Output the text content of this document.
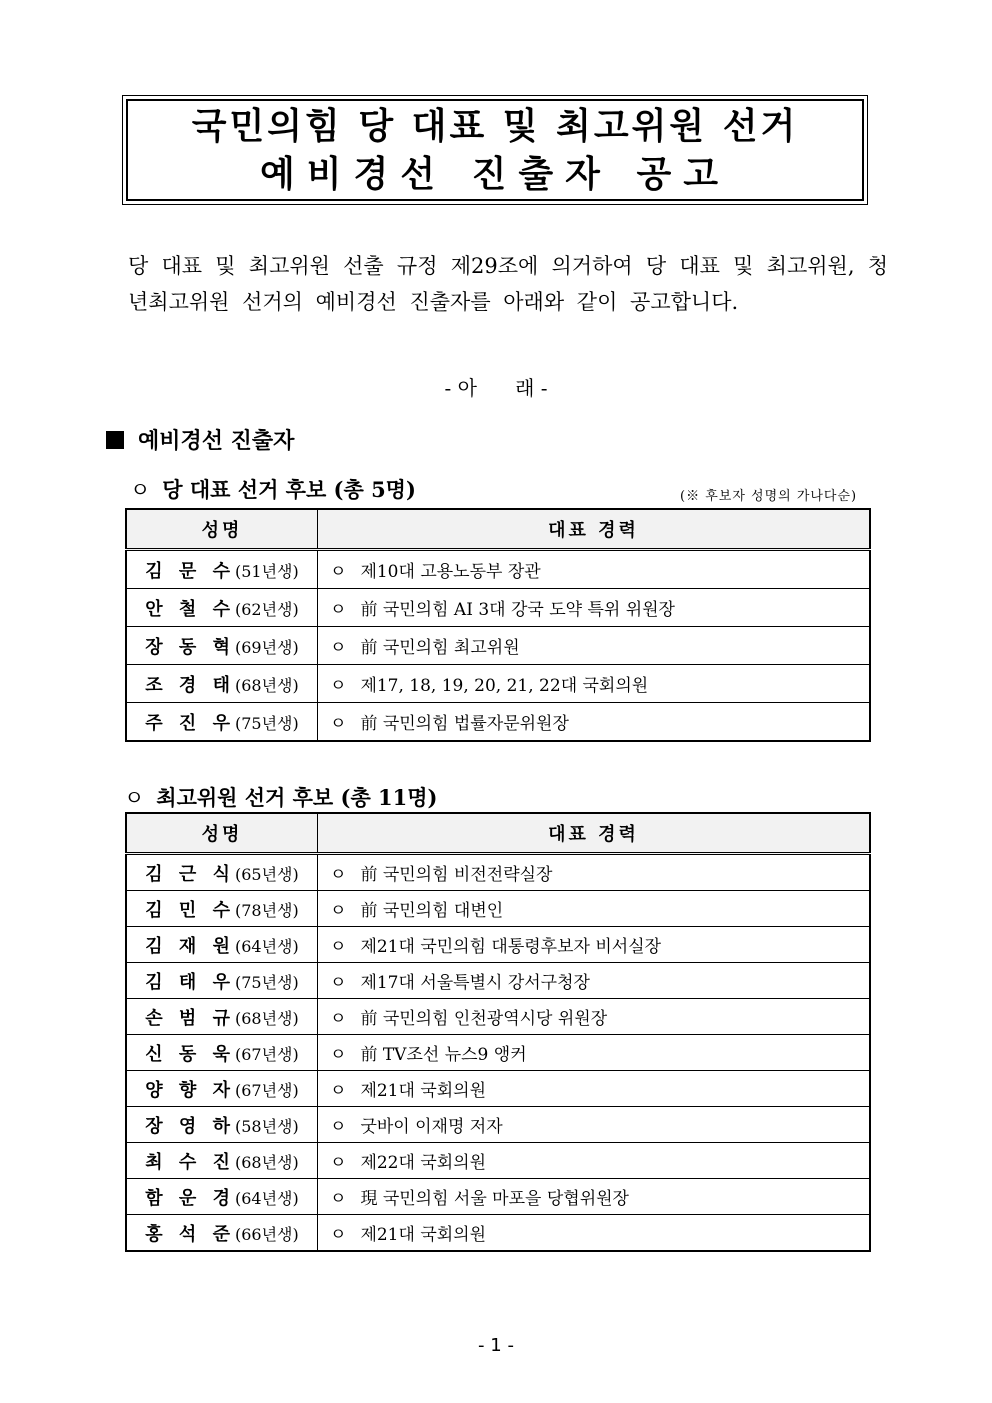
국민의힘 당 대표 및 최고위원 선거
예비경선 진출자 공고
당 대표 및 최고위원 선출 규정 제29조에 의거하여 당 대표 및 최고위원, 청년최고위원 선거의 예비경선 진출자를 아래와 같이 공고합니다.
- 아      래 -
예비경선 진출자
ㅇ 당 대표 선거 후보 (총 5명)	(※ 후보자 성명의 가나다순)
성명	대표 경력
김 문 수(51년생)	ㅇ 제10대 고용노동부 장관
안 철 수(62년생)	ㅇ 前 국민의힘 AI 3대 강국 도약 특위 위원장
장 동 혁(69년생)	ㅇ 前 국민의힘 최고위원
조 경 태(68년생)	ㅇ 제17, 18, 19, 20, 21, 22대 국회의원
주 진 우(75년생)	ㅇ 前 국민의힘 법률자문위원장
ㅇ 최고위원 선거 후보 (총 11명)
성명	대표 경력
김 근 식(65년생)	ㅇ 前 국민의힘 비전전략실장
김 민 수(78년생)	ㅇ 前 국민의힘 대변인
김 재 원(64년생)	ㅇ 제21대 국민의힘 대통령후보자 비서실장
김 태 우(75년생)	ㅇ 제17대 서울특별시 강서구청장
손 범 규(68년생)	ㅇ 前 국민의힘 인천광역시당 위원장
신 동 욱(67년생)	ㅇ 前 TV조선 뉴스9 앵커
양 향 자(67년생)	ㅇ 제21대 국회의원
장 영 하(58년생)	ㅇ 굿바이 이재명 저자
최 수 진(68년생)	ㅇ 제22대 국회의원
함 운 경(64년생)	ㅇ 現 국민의힘 서울 마포을 당협위원장
홍 석 준(66년생)	ㅇ 제21대 국회의원
- 1 -
